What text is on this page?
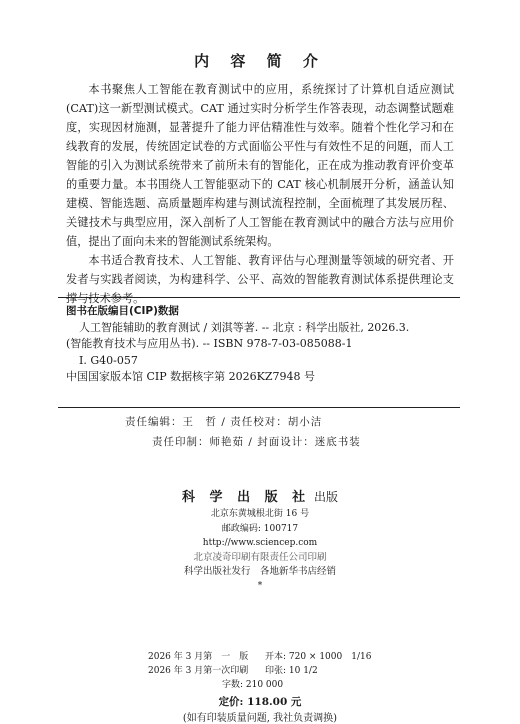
内 容 简 介

本书聚焦人工智能在教育测试中的应用，系统探讨了计算机自适应测试(CAT)这一新型测试模式。CAT 通过实时分析学生作答表现，动态调整试题难度，实现因材施测，显著提升了能力评估精准性与效率。随着个性化学习和在线教育的发展，传统固定试卷的方式面临公平性与有效性不足的问题，而人工智能的引入为测试系统带来了前所未有的智能化，正在成为推动教育评价变革的重要力量。本书围绕人工智能驱动下的 CAT 核心机制展开分析，涵盖认知建模、智能选题、高质量题库构建与测试流程控制，全面梳理了其发展历程、关键技术与典型应用，深入剖析了人工智能在教育测试中的融合方法与应用价值，提出了面向未来的智能测试系统架构。

本书适合教育技术、人工智能、教育评估与心理测量等领域的研究者、开发者与实践者阅读，为构建科学、公平、高效的智能教育测试体系提供理论支撑与技术参考。

图书在版编目(CIP)数据
人工智能辅助的教育测试 / 刘淇等著. -- 北京 : 科学出版社, 2026.3.
(智能教育技术与应用丛书). -- ISBN 978-7-03-085088-1
Ⅰ. G40-057
中国国家版本馆 CIP 数据核字第 2026KZ7948 号
责任编辑：王　哲 / 责任校对：胡小洁
责任印制：师艳茹 / 封面设计：迷底书装
科 学 出 版 社 出版
北京东黄城根北街 16 号
邮政编码: 100717
http://www.sciencep.com
北京凌奇印刷有限责任公司印刷
科学出版社发行　各地新华书店经销
*
2026 年 3 月第　一　版 开本: 720 × 1000　1/16
2026 年 3 月第一次印刷 印张: 10 1/2
字数: 210 000
定价: 118.00 元
(如有印装质量问题, 我社负责调换)
